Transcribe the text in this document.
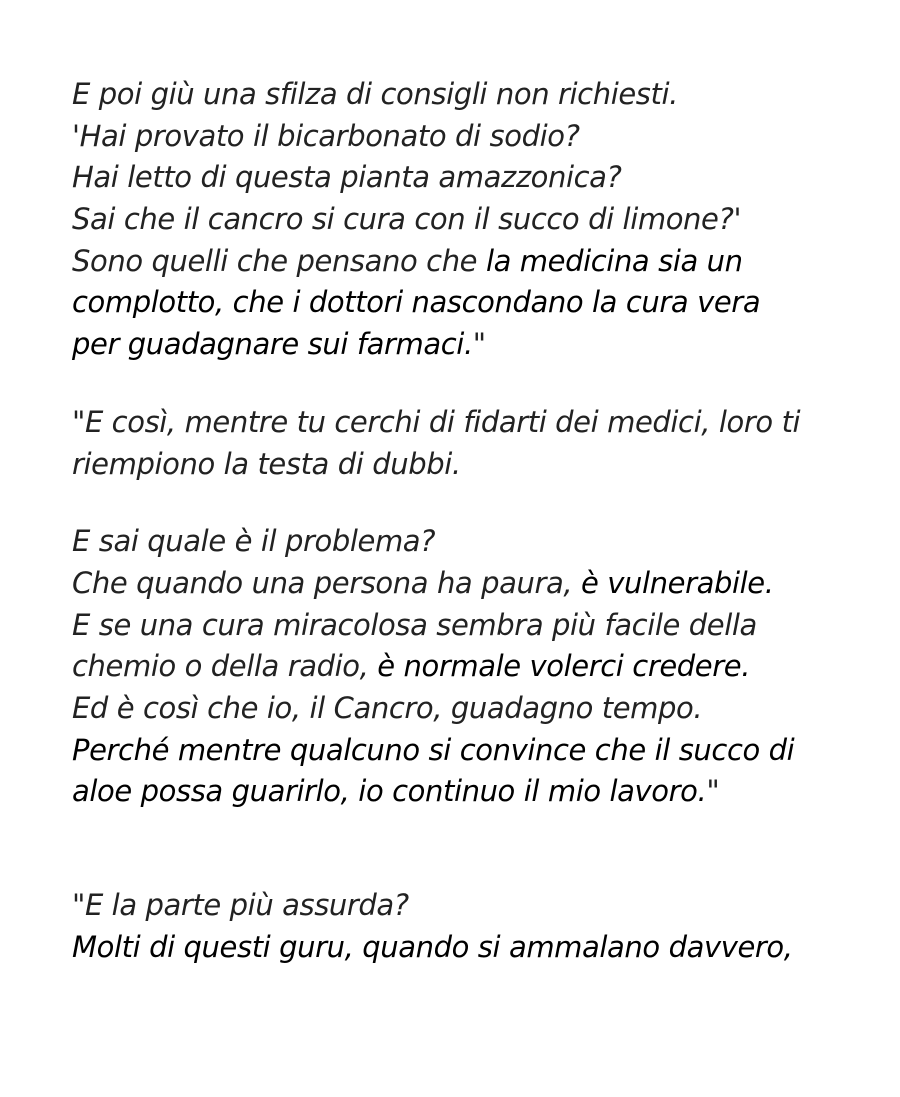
E poi giù una sfilza di consigli non richiesti.
'Hai provato il bicarbonato di sodio?
Hai letto di questa pianta amazzonica?
Sai che il cancro si cura con il succo di limone?'
Sono quelli che pensano che la medicina sia un
complotto, che i dottori nascondano la cura vera
per guadagnare sui farmaci."
"E così, mentre tu cerchi di fidarti dei medici, loro ti
riempiono la testa di dubbi.
E sai quale è il problema?
Che quando una persona ha paura, è vulnerabile.
E se una cura miracolosa sembra più facile della
chemio o della radio, è normale volerci credere.
Ed è così che io, il Cancro, guadagno tempo.
Perché mentre qualcuno si convince che il succo di
aloe possa guarirlo, io continuo il mio lavoro."
"E la parte più assurda?
Molti di questi guru, quando si ammalano davvero,
